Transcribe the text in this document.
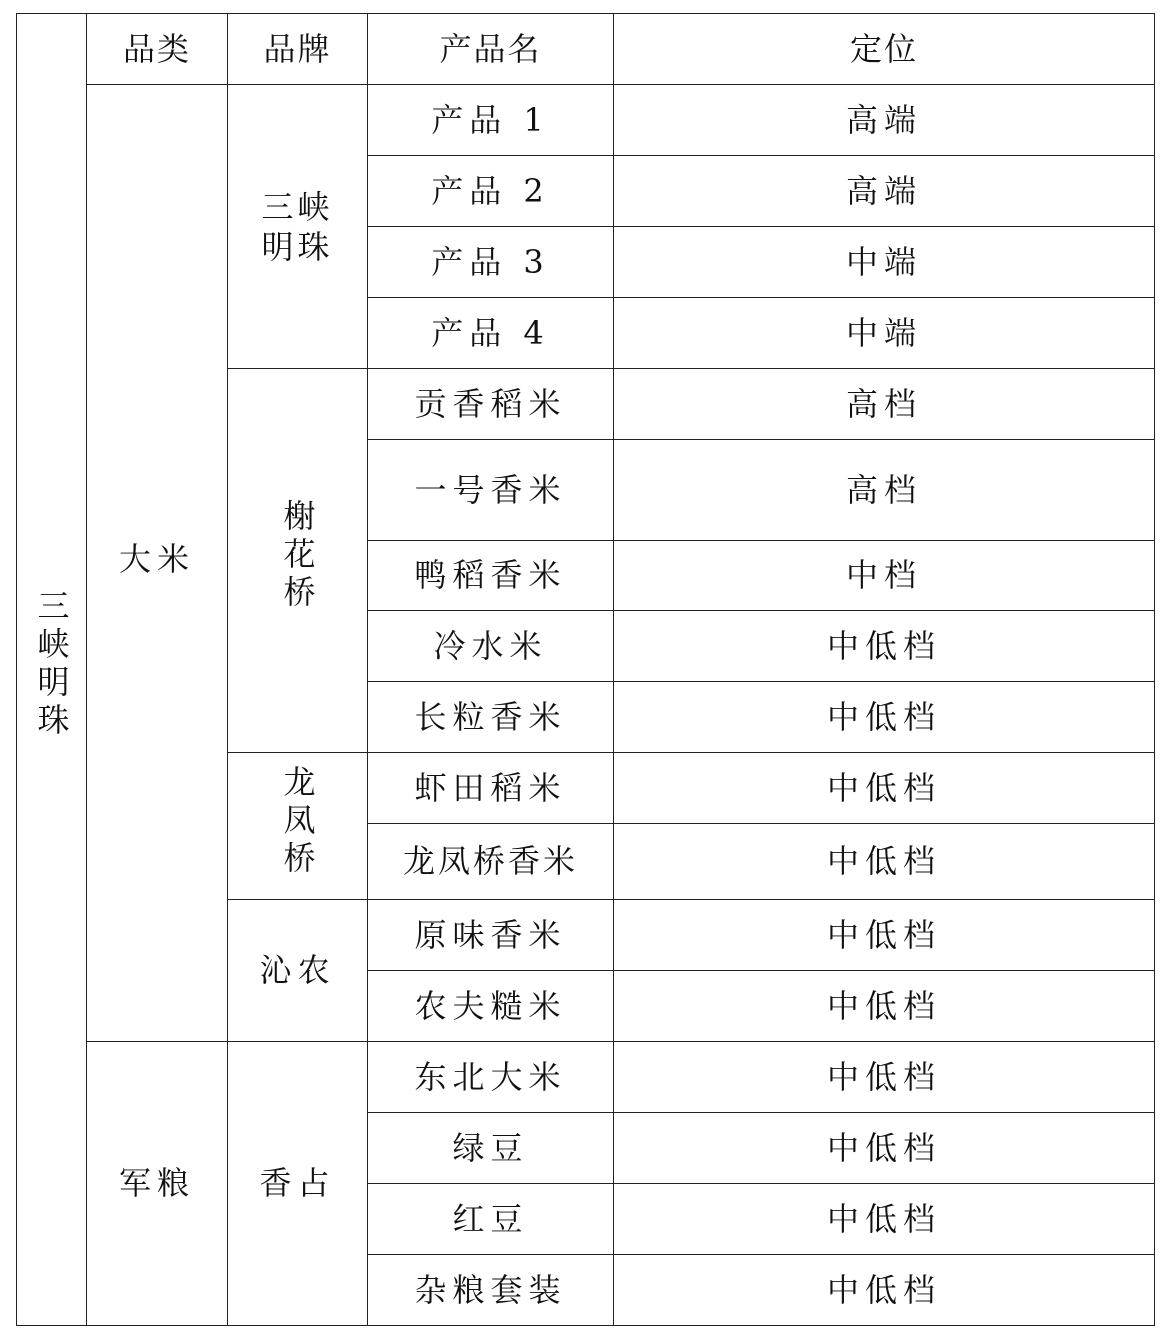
三峡明珠	品类	品牌	产品名	定位
	大米	三峡明珠	产品 1	高端
			产品 2	高端
			产品 3	中端
			产品 4	中端
		榭花桥	贡香稻米	高档
			一号香米	高档
			鸭稻香米	中档
			冷水米	中低档
			长粒香米	中低档
		龙凤桥	虾田稻米	中低档
			龙凤桥香米	中低档
		沁农	原味香米	中低档
			农夫糙米	中低档
	军粮	香占	东北大米	中低档
			绿豆	中低档
			红豆	中低档
			杂粮套装	中低档
